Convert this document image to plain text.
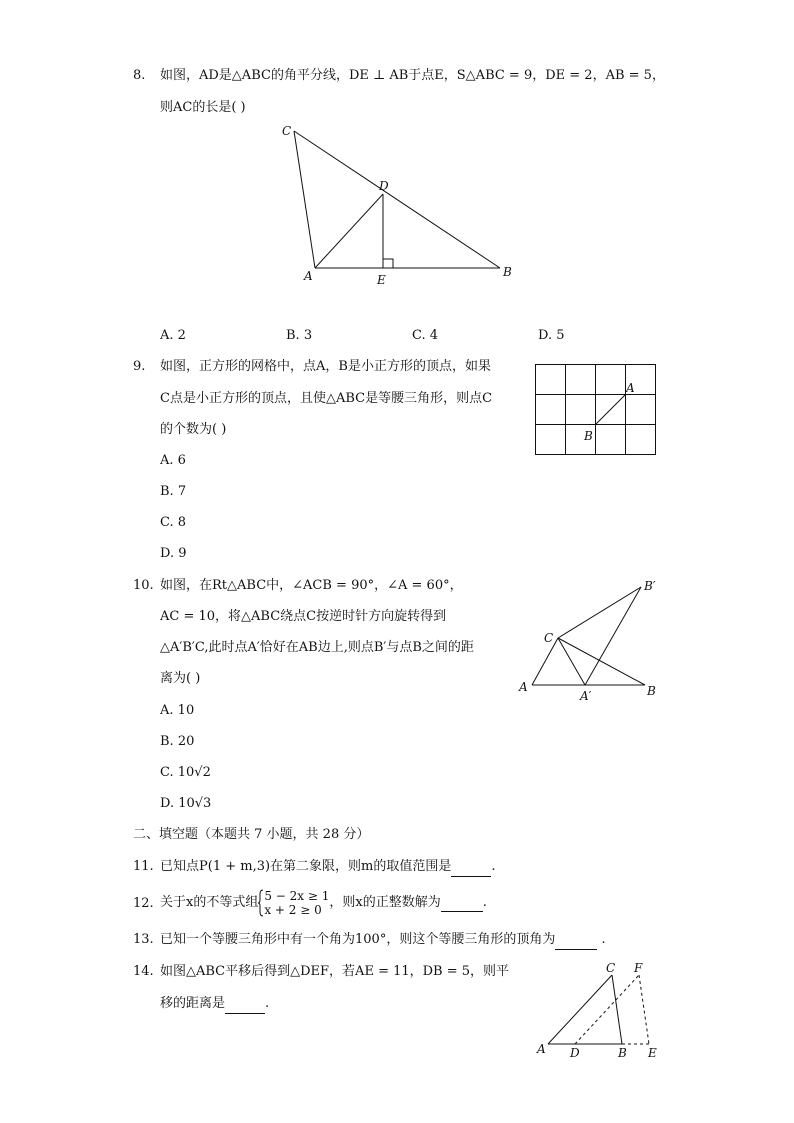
8. 如图，AD是△ABC的角平分线，DE ⊥ AB于点E，S△ABC = 9，DE = 2，AB = 5，
则AC的长是( )
C
D
A	E
B
A. 2	B. 3	C. 4	D. 5
9. 如图，正方形的网格中，点A，B是小正方形的顶点，如果
C点是小正方形的顶点，且使△ABC是等腰三角形，则点C
的个数为( )
A
B
A. 6
B. 7
C. 8
D. 9
10. 如图，在Rt△ABC中，∠ACB = 90°，∠A = 60°，
AC = 10，将△ABC绕点C按逆时针方向旋转得到
△A′B′C,此时点A′恰好在AB边上,则点B′与点B之间的距
离为( )
B′
C
A
A′	B
A. 10
B. 20
C. 10√2
D. 10√3
二、填空题（本题共 7 小题，共 28 分）
11. 已知点P(1 + m,3)在第二象限，则m的取值范围是	.
12. 关于x的不等式组 5 − 2x ≥ 1
x + 2 ≥ 0 ，则x的正整数解为	.
13. 已知一个等腰三角形中有一个角为100°，则这个等腰三角形的顶角为	.
14. 如图△ABC平移后得到△DEF，若AE = 11，DB = 5，则平
移的距离是	.
C F
A D	B E
